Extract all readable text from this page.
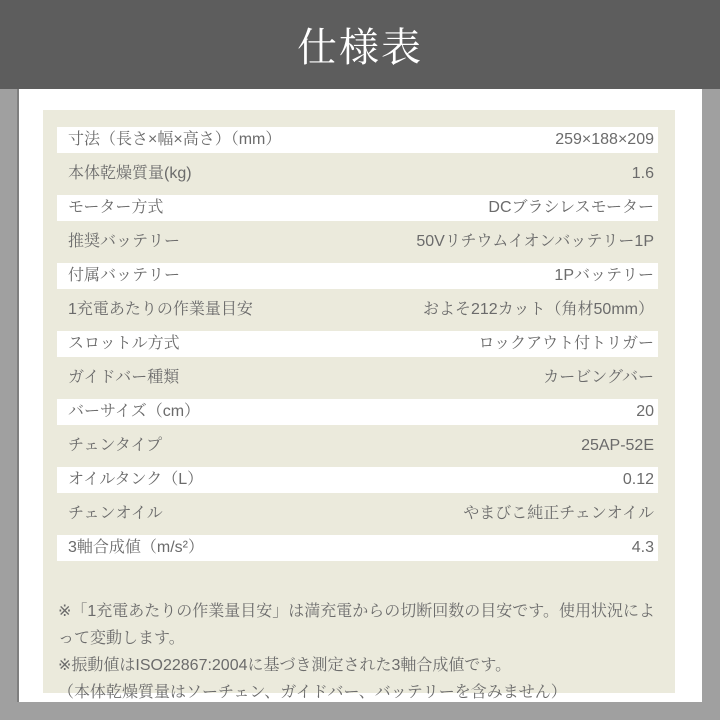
仕様表
寸法（長さ×幅×高さ）（mm）	259×188×209
本体乾燥質量(kg)	1.6
モーター方式	DCブラシレスモーター
推奨バッテリー	50Vリチウムイオンバッテリー1P
付属バッテリー	1Pバッテリー
1充電あたりの作業量目安	およそ212カット（角材50mm）
スロットル方式	ロックアウト付トリガー
ガイドバー種類	カービングバー
バーサイズ（cm）	20
チェンタイプ	25AP-52E
オイルタンク（L）	0.12
チェンオイル	やまびこ純正チェンオイル
3軸合成値（m/s²）	4.3

※「1充電あたりの作業量目安」は満充電からの切断回数の目安です。使用状況によって変動します。

※振動値はISO22867:2004に基づき測定された3軸合成値です。

（本体乾燥質量はソーチェン、ガイドバー、バッテリーを含みません）
